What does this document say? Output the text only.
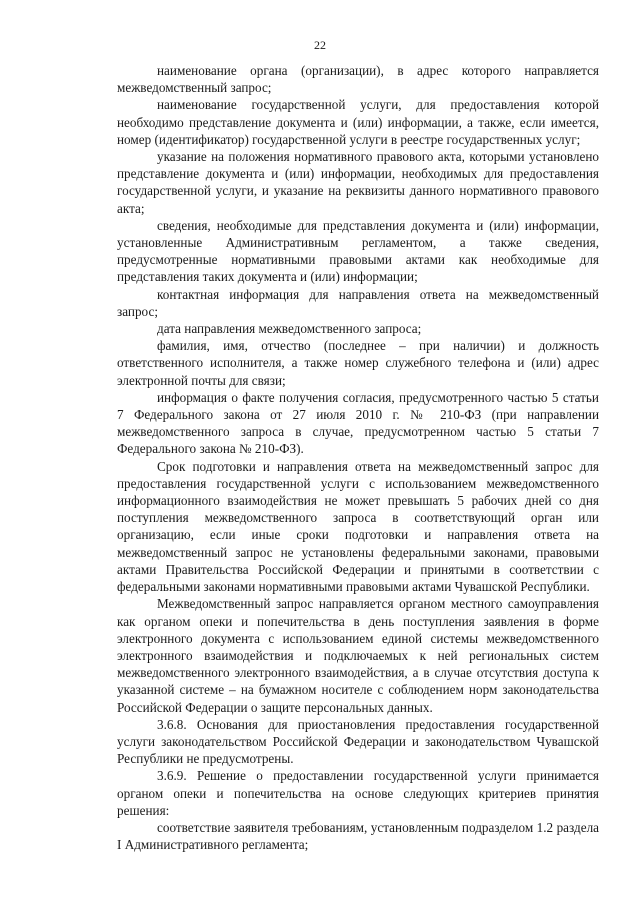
22

наименование органа (организации), в адрес которого направляется межведомственный запрос;

наименование государственной услуги, для предоставления которой необходимо представление документа и (или) информации, а также, если имеется, номер (идентификатор) государственной услуги в реестре государственных услуг;

указание на положения нормативного правового акта, которыми установлено представление документа и (или) информации, необходимых для предоставления государственной услуги, и указание на реквизиты данного нормативного правового акта;

сведения, необходимые для представления документа и (или) информации, установленные Административным регламентом, а также сведения, предусмотренные нормативными правовыми актами как необходимые для представления таких документа и (или) информации;

контактная информация для направления ответа на межведомственный запрос;

дата направления межведомственного запроса;

фамилия, имя, отчество (последнее – при наличии) и должность ответственного исполнителя, а также номер служебного телефона и (или) адрес электронной почты для связи;

информация о факте получения согласия, предусмотренного частью 5 статьи 7 Федерального закона от 27 июля 2010 г. № 210-ФЗ (при направлении межведомственного запроса в случае, предусмотренном частью 5 статьи 7 Федерального закона № 210-ФЗ).

Срок подготовки и направления ответа на межведомственный запрос для предоставления государственной услуги с использованием межведомственного информационного взаимодействия не может превышать 5 рабочих дней со дня поступления межведомственного запроса в соответствующий орган или организацию, если иные сроки подготовки и направления ответа на межведомственный запрос не установлены федеральными законами, правовыми актами Правительства Российской Федерации и принятыми в соответствии с федеральными законами нормативными правовыми актами Чувашской Республики.

Межведомственный запрос направляется органом местного самоуправления как органом опеки и попечительства в день поступления заявления в форме электронного документа с использованием единой системы межведомственного электронного взаимодействия и подключаемых к ней региональных систем межведомственного электронного взаимодействия, а в случае отсутствия доступа к указанной системе – на бумажном носителе с соблюдением норм законодательства Российской Федерации о защите персональных данных.

3.6.8. Основания для приостановления предоставления государственной услуги законодательством Российской Федерации и законодательством Чувашской Республики не предусмотрены.

3.6.9. Решение о предоставлении государственной услуги принимается органом опеки и попечительства на основе следующих критериев принятия решения:

соответствие заявителя требованиям, установленным подразделом 1.2 раздела I Административного регламента;
